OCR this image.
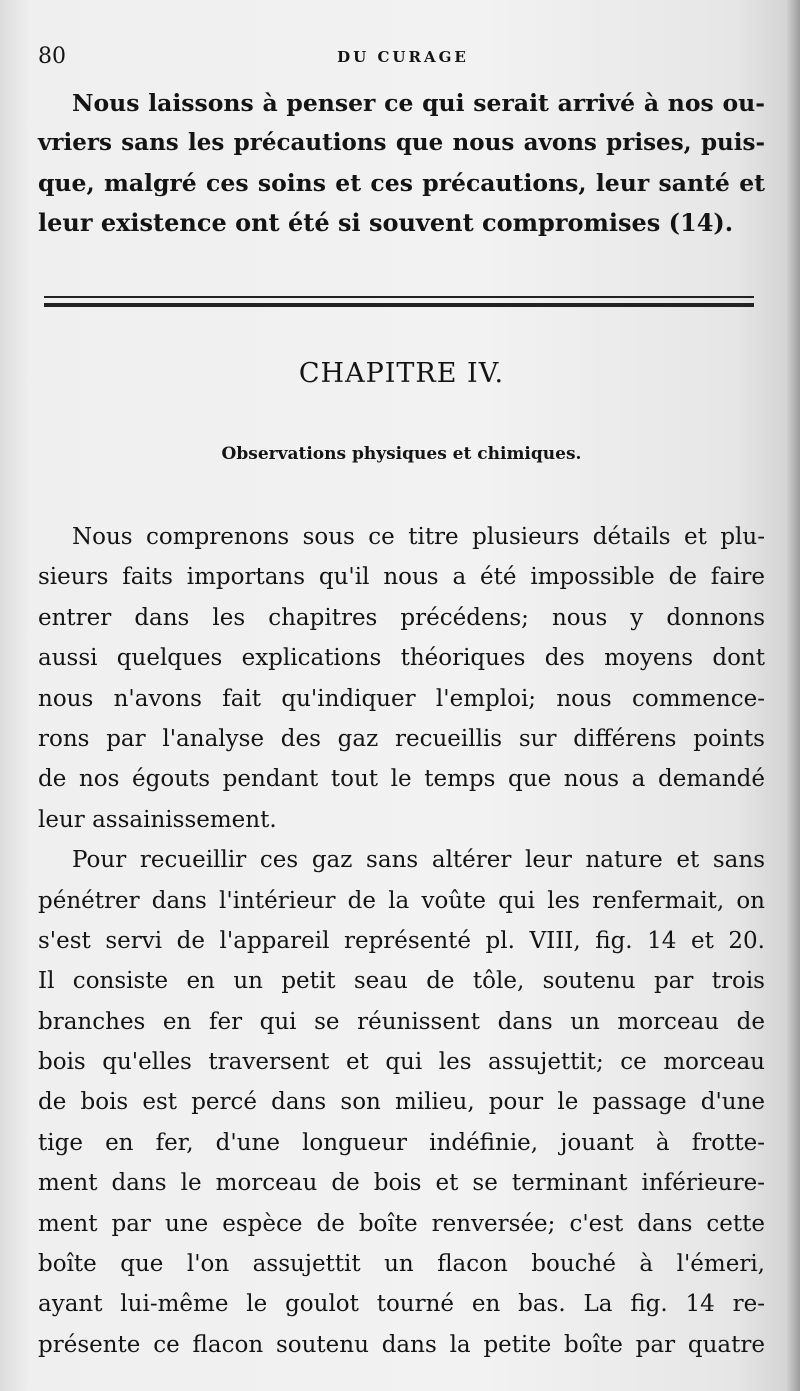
80	DU CURAGE
Nous laissons à penser ce qui serait arrivé à nos ou-
vriers sans les précautions que nous avons prises, puis-
que, malgré ces soins et ces précautions, leur santé et
leur existence ont été si souvent compromises (14).
CHAPITRE IV.
Observations physiques et chimiques.
Nous comprenons sous ce titre plusieurs détails et plu-
sieurs faits importans qu'il nous a été impossible de faire
entrer dans les chapitres précédens; nous y donnons
aussi quelques explications théoriques des moyens dont
nous n'avons fait qu'indiquer l'emploi; nous commence-
rons par l'analyse des gaz recueillis sur différens points
de nos égouts pendant tout le temps que nous a demandé
leur assainissement.
Pour recueillir ces gaz sans altérer leur nature et sans
pénétrer dans l'intérieur de la voûte qui les renfermait, on
s'est servi de l'appareil représenté pl. VIII, fig. 14 et 20.
Il consiste en un petit seau de tôle, soutenu par trois
branches en fer qui se réunissent dans un morceau de
bois qu'elles traversent et qui les assujettit; ce morceau
de bois est percé dans son milieu, pour le passage d'une
tige en fer, d'une longueur indéfinie, jouant à frotte-
ment dans le morceau de bois et se terminant inférieure-
ment par une espèce de boîte renversée; c'est dans cette
boîte que l'on assujettit un flacon bouché à l'émeri,
ayant lui-même le goulot tourné en bas. La fig. 14 re-
présente ce flacon soutenu dans la petite boîte par quatre
